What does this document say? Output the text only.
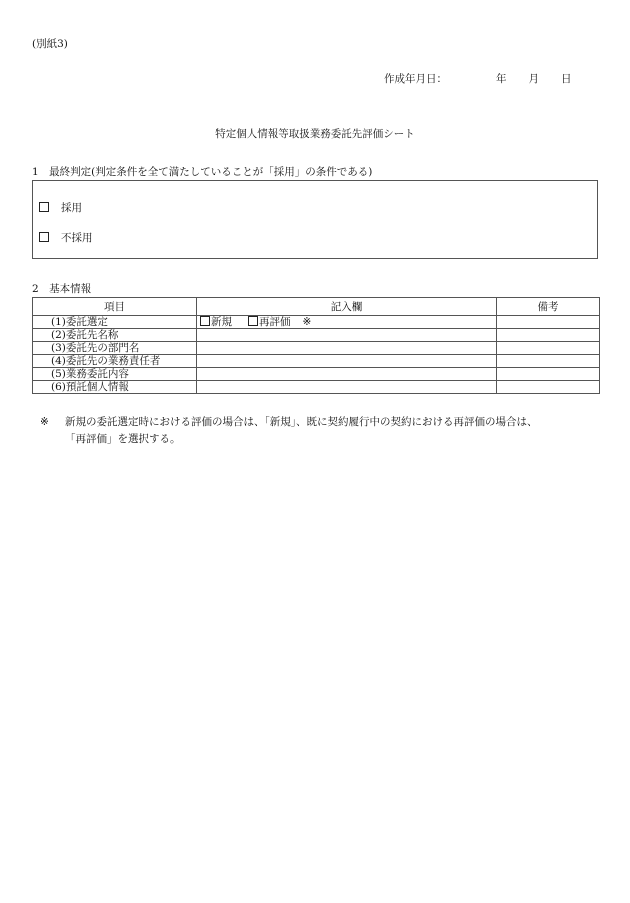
(別紙3)
作成年月日：	年 月 日
特定個人情報等取扱業務委託先評価シート
1　最終判定(判定条件を全て満たしていることが「採用」の条件である)
採用
不採用
2　基本情報
項目	記入欄	備考
(1)委託選定	新規 再評価 ※	
(2)委託先名称		
(3)委託先の部門名		
(4)委託先の業務責任者		
(5)業務委託内容		
(6)預託個人情報		
※ 新規の委託選定時における評価の場合は、「新規」、既に契約履行中の契約における再評価の場合は、
「再評価」を選択する。
